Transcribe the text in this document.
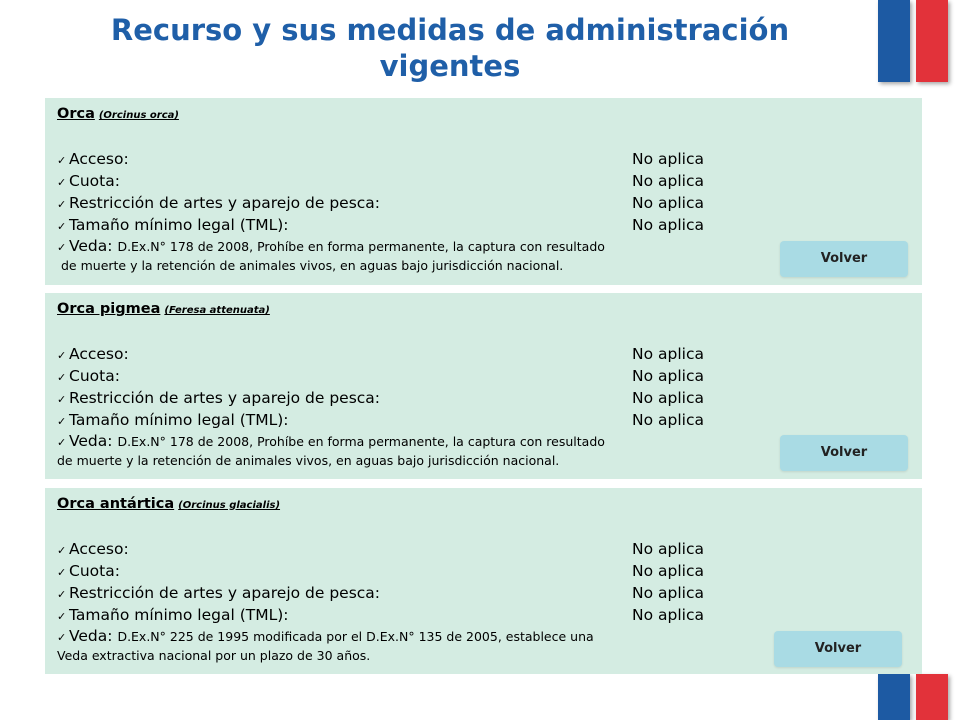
Recurso y sus medidas de administración vigentes
Orca (Orcinus orca)
✓ Acceso:	No aplica
✓ Cuota:	No aplica
✓ Restricción de artes y aparejo de pesca:	No aplica
✓ Tamaño mínimo legal (TML):	No aplica
✓ Veda: D.Ex.N° 178 de 2008, Prohíbe en forma permanente, la captura con resultado
de muerte y la retención de animales vivos, en aguas bajo jurisdicción nacional.	Volver
Orca pigmea (Feresa attenuata)
✓ Acceso:	No aplica
✓ Cuota:	No aplica
✓ Restricción de artes y aparejo de pesca:	No aplica
✓ Tamaño mínimo legal (TML):	No aplica
✓ Veda: D.Ex.N° 178 de 2008, Prohíbe en forma permanente, la captura con resultado
de muerte y la retención de animales vivos, en aguas bajo jurisdicción nacional.
Volver
Orca antártica (Orcinus glacialis)
✓ Acceso:	No aplica
✓ Cuota:	No aplica
✓ Restricción de artes y aparejo de pesca:	No aplica
✓ Tamaño mínimo legal (TML):	No aplica
✓ Veda: D.Ex.N° 225 de 1995 modificada por el D.Ex.N° 135 de 2005, establece una
Veda extractiva nacional por un plazo de 30 años.	Volver
